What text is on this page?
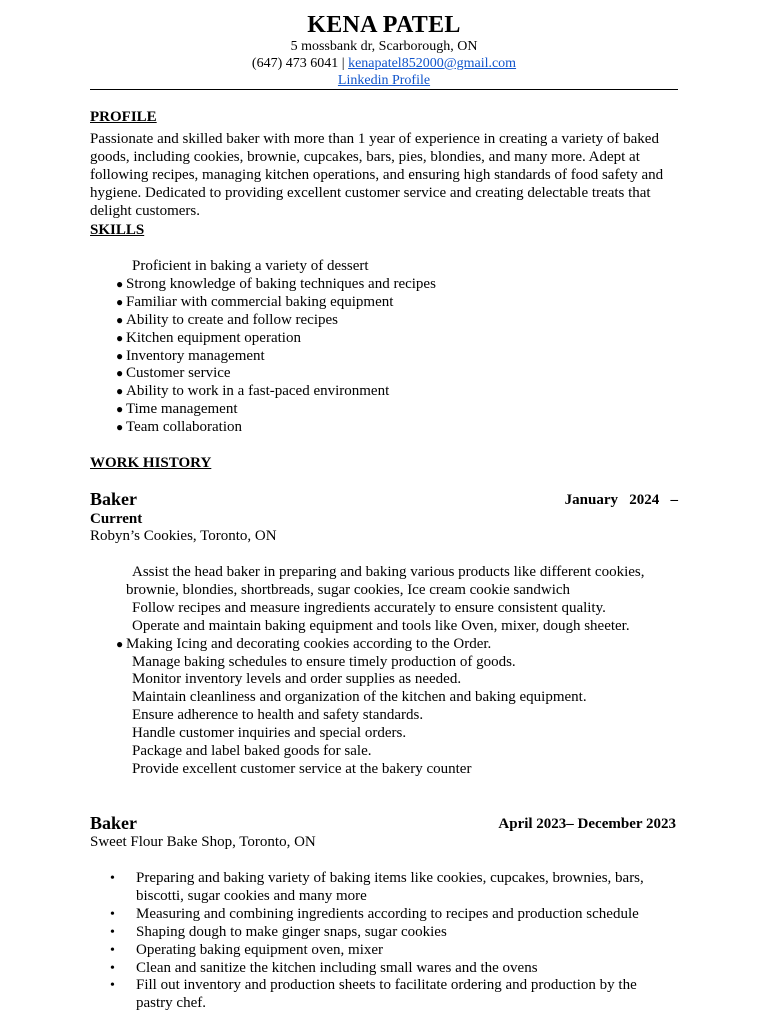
KENA PATEL
5 mossbank dr, Scarborough, ON
(647) 473 6041 | kenapatel852000@gmail.com
Linkedin Profile
PROFILE
Passionate and skilled baker with more than 1 year of experience in creating a variety of baked goods, including cookies, brownie, cupcakes, bars, pies, blondies, and many more. Adept at following recipes, managing kitchen operations, and ensuring high standards of food safety and hygiene. Dedicated to providing excellent customer service and creating delectable treats that delight customers.
SKILLS
Proficient in baking a variety of dessert
● Strong knowledge of baking techniques and recipes
● Familiar with commercial baking equipment
● Ability to create and follow recipes
● Kitchen equipment operation
● Inventory management
● Customer service
● Ability to work in a fast-paced environment
● Time management
● Team collaboration
WORK HISTORY
Baker	January   2024   –
Current
Robyn’s Cookies, Toronto, ON
Assist the head baker in preparing and baking various products like different cookies,
brownie, blondies, shortbreads, sugar cookies, Ice cream cookie sandwich
Follow recipes and measure ingredients accurately to ensure consistent quality.
Operate and maintain baking equipment and tools like Oven, mixer, dough sheeter.
● Making Icing and decorating cookies according to the Order.
Manage baking schedules to ensure timely production of goods.
Monitor inventory levels and order supplies as needed.
Maintain cleanliness and organization of the kitchen and baking equipment.
Ensure adherence to health and safety standards.
Handle customer inquiries and special orders.
Package and label baked goods for sale.
Provide excellent customer service at the bakery counter
Baker	April 2023– December 2023
Sweet Flour Bake Shop, Toronto, ON
• Preparing and baking variety of baking items like cookies, cupcakes, brownies, bars, biscotti, sugar cookies and many more
• Measuring and combining ingredients according to recipes and production schedule
• Shaping dough to make ginger snaps, sugar cookies
• Operating baking equipment oven, mixer
• Clean and sanitize the kitchen including small wares and the ovens
• Fill out inventory and production sheets to facilitate ordering and production by the pastry chef.
